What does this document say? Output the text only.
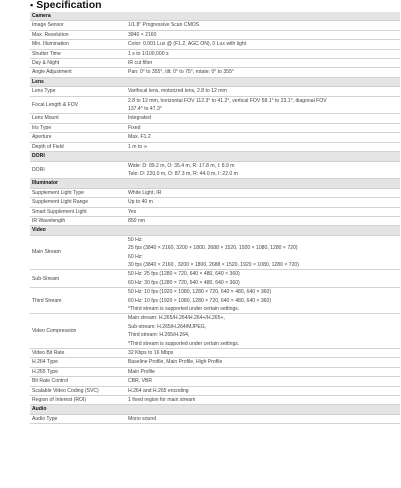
▪ Specification
Camera	
Image Sensor	1/1.8" Progressive Scan CMOS

Max. Resolution	3840 × 2160

Min. Illumination	Color: 0.001 Lux @ (F1.2, AGC ON), 0 Lux with light

Shutter Time	1 s to 1/100,000 s

Day & Night	IR cut filter

Angle Adjustment	Pan: 0° to 355°, tilt: 0° to 75°, rotate: 0° to 355°

Lens	
Lens Type	Varifocal lens, motorized lens, 2.8 to 12 mm

Focal Length & FOV	2.8 to 12 mm, horizontal FOV 112.3° to 41.2°, vertical FOV 58.1° to 23.1°, diagonal FOV
137.4° to 47.3°

Lens Mount	Integrated

Iris Type	Fixed

Aperture	Max. F1.2

Depth of Field	1 m to ∞

DORI	
DORI	Wide: D: 89.2 m, O: 35.4 m, R: 17.8 m, I: 8.9 m
Tele: D: 220.0 m, O: 87.3 m, R: 44.0 m, I: 22.0 m

Illuminator	
Supplement Light Type	White Light, IR

Supplement Light Range	Up to 40 m

Smart Supplement Light	Yes

IR Wavelength	850 nm

Video	
Main Stream	50 Hz:
25 fps (3840 × 2160, 3200 × 1800, 2688 × 1520, 1920 × 1080, 1280 × 720)
60 Hz:
30 fps (3840 × 2160 , 3200 × 1800, 2688 × 1520, 1920 × 1080, 1280 × 720)

Sub-Stream	50 Hz: 25 fps (1280 × 720, 640 × 480, 640 × 360)
60 Hz: 30 fps (1280 × 720, 640 × 480, 640 × 360)

Third Stream	50 Hz: 10 fps (1920 × 1080, 1280 × 720, 640 × 480, 640 × 360)
60 Hz: 10 fps (1920 × 1080, 1280 × 720, 640 × 480, 640 × 360)
*Third stream is supported under certain settings.

Video Compression	Main stream: H.265/H.264/H.264+/H.265+,
Sub-stream: H.265/H.264/MJPEG,
Third stream: H.265/H.264,
*Third stream is supported under certain settings.

Video Bit Rate	32 Kbps to 16 Mbps

H.264 Type	Baseline Profile, Main Profile, High Profile

H.265 Type	Main Profile

Bit Rate Control	CBR, VBR

Scalable Video Coding (SVC)	H.264 and H.265 encoding

Region of Interest (ROI)	1 fixed region for main stream

Audio	
Audio Type	Mono sound
